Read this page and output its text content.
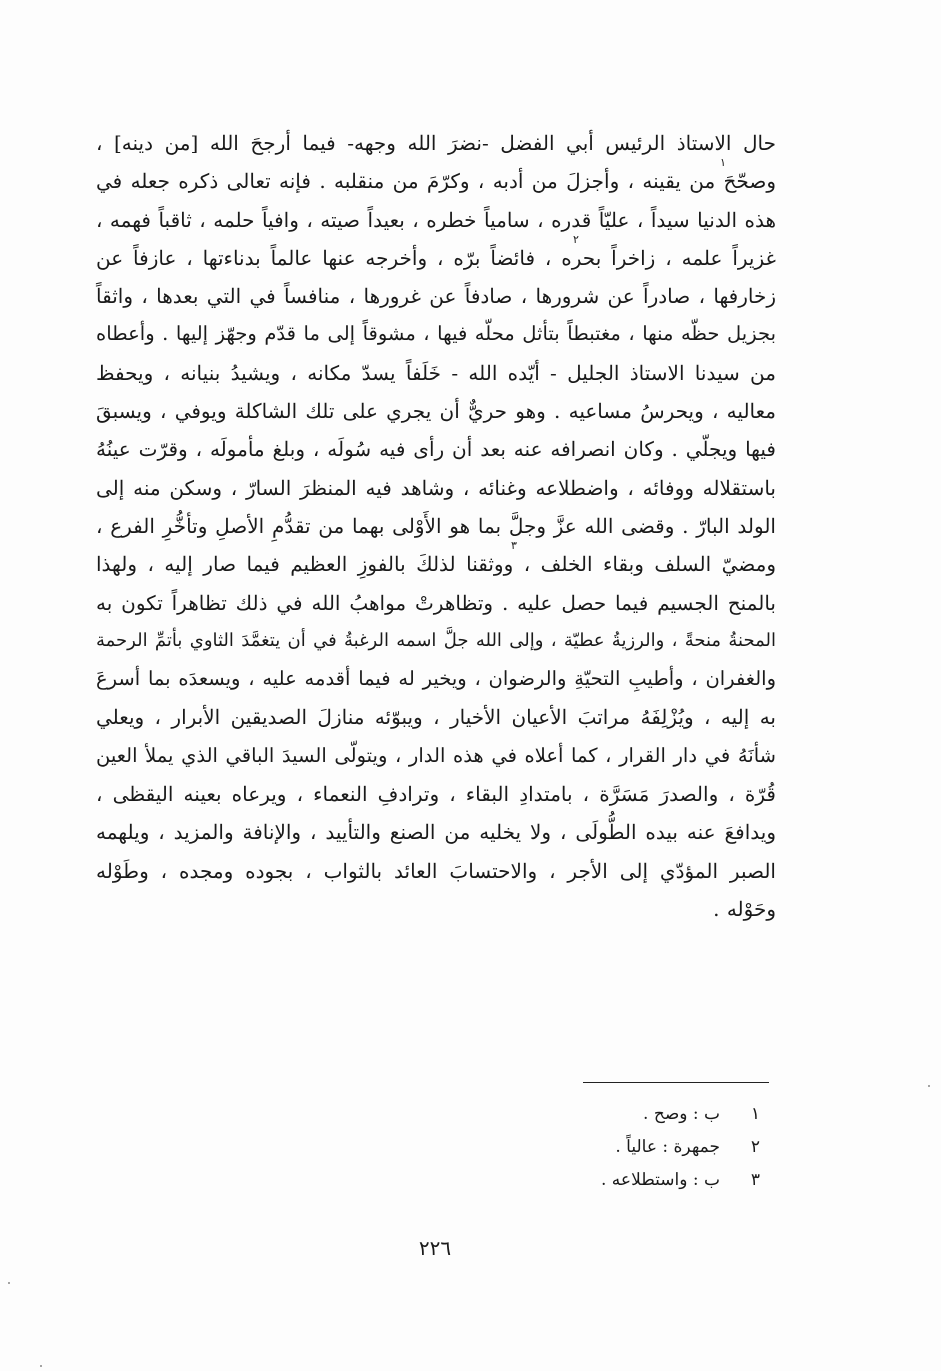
حال الاستاذ الرئيس أبي الفضل -نضرَ الله وجهه- فيما أرجحَ الله [من دينه] ،
وصحّحَ من يقينه ، وأجزلَ من أدبه ، وكرّمَ من منقلبه . فإنه تعالى ذكره جعله في
هذه الدنيا سيداً ، عليّاً قدره ، سامياً خطره ، بعيداً صيته ، وافياً حلمه ، ثاقباً فهمه ،
غزيراً علمه ، زاخراً بحره ، فائضاً برّه ، وأخرجه عنها عالماً بدناءتها ، عازفاً عن
زخارفها ، صادراً عن شرورها ، صادفاً عن غرورها ، منافساً في التي بعدها ، واثقاً
بجزيل حظّه منها ، مغتبطاً بتأثل محلّه فيها ، مشوقاً إلى ما قدّم وجهّز إليها . وأعطاه
من سيدنا الاستاذ الجليل - أيّده الله - خَلَفاً يسدّ مكانه ، ويشيدُ بنيانه ، ويحفظ
معاليه ، ويحرسُ مساعيه . وهو حريٌّ أن يجري على تلك الشاكلة ويوفي ، ويسبقَ
فيها ويجلّي . وكان انصرافه عنه بعد أن رأى فيه سُولَه ، وبلغ مأمولَه ، وقرّت عينُهُ
باستقلاله ووفائه ، واضطلاعه وغنائه ، وشاهد فيه المنظرَ السارّ ، وسكن منه إلى
الولد البارّ . وقضى الله عزَّ وجلَّ بما هو الأَوْلى بهما من تقدُّمِ الأصلِ وتأخُّرِ الفرع ،
ومضيّ السلف وبقاء الخلف ، ووثقنا لذلكَ بالفوزِ العظيم فيما صار إليه ، ولهذا
بالمنح الجسيم فيما حصل عليه . وتظاهرتْ مواهبُ الله في ذلك تظاهراً تكون به
المحنةُ منحةً ، والرزيةُ عطيّة ، وإلى الله جلَّ اسمه الرغبةُ في أن يتغمَّدَ الثاوي بأتمِّ الرحمة
والغفران ، وأطيبِ التحيّةِ والرضوان ، ويخير له فيما أقدمه عليه ، ويسعدَه بما أسرعَ
به إليه ، ويُزْلِفَهُ مراتبَ الأعيان الأخيار ، ويبوّئه منازلَ الصديقين الأبرار ، ويعلي
شأنَهُ في دار القرار ، كما أعلاه في هذه الدار ، ويتولّى السيدَ الباقي الذي يملأ العين
قُرّة ، والصدرَ مَسَرَّة ، بامتدادِ البقاء ، وترادفِ النعماء ، ويرعاه بعينه اليقظى ،
ويدافعَ عنه بيده الطُّولَى ، ولا يخليه من الصنع والتأييد ، والإنافة والمزيد ، ويلهمه
الصبر المؤدّي إلى الأجر ، والاحتسابَ العائد بالثواب ، بجوده ومجده ، وطَوْله
وحَوْله .
١
٢
٣
١ب : وصح .
٢جمهرة : عالياً .
٣ب : واستطلاعه .
٢٢٦
